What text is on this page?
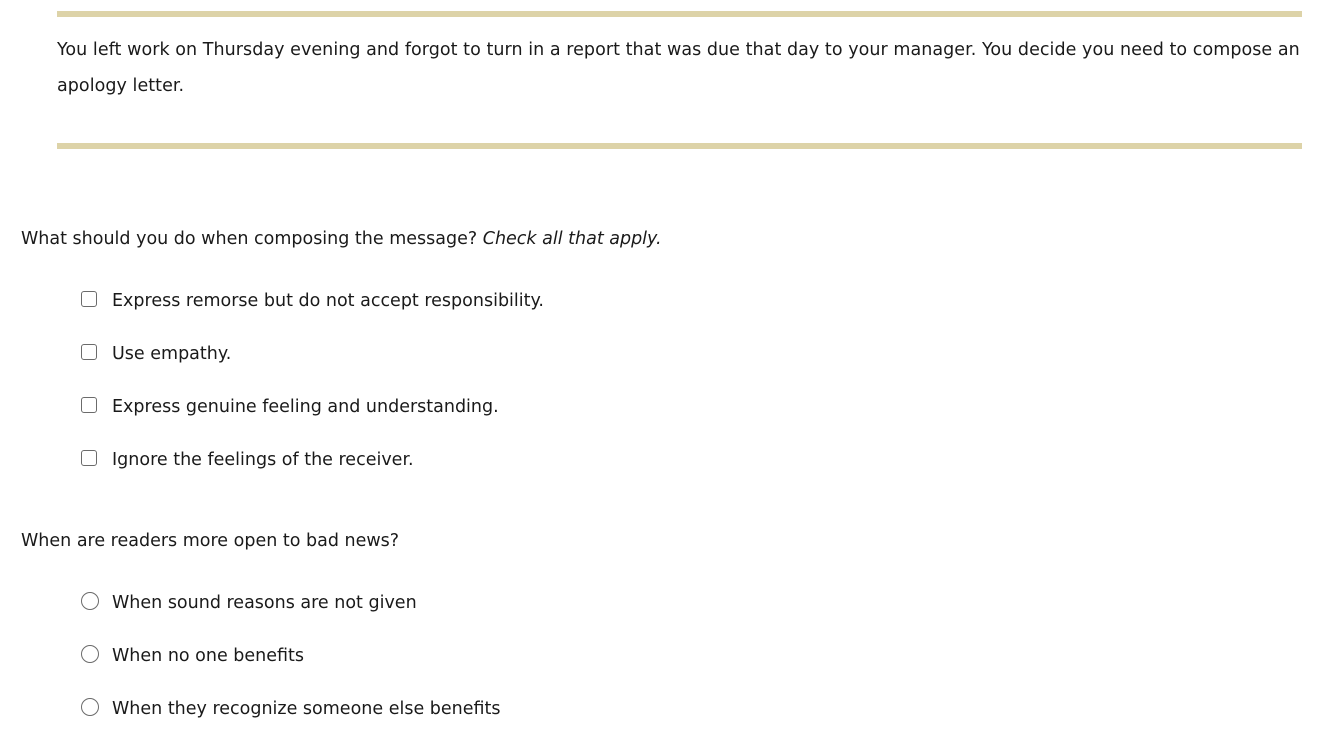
You left work on Thursday evening and forgot to turn in a report that was due that day to your manager. You decide you need to compose an apology letter.

What should you do when composing the message? Check all that apply.

Express remorse but do not accept responsibility.
Use empathy.
Express genuine feeling and understanding.
Ignore the feelings of the receiver.

When are readers more open to bad news?

When sound reasons are not given
When no one benefits
When they recognize someone else benefits
